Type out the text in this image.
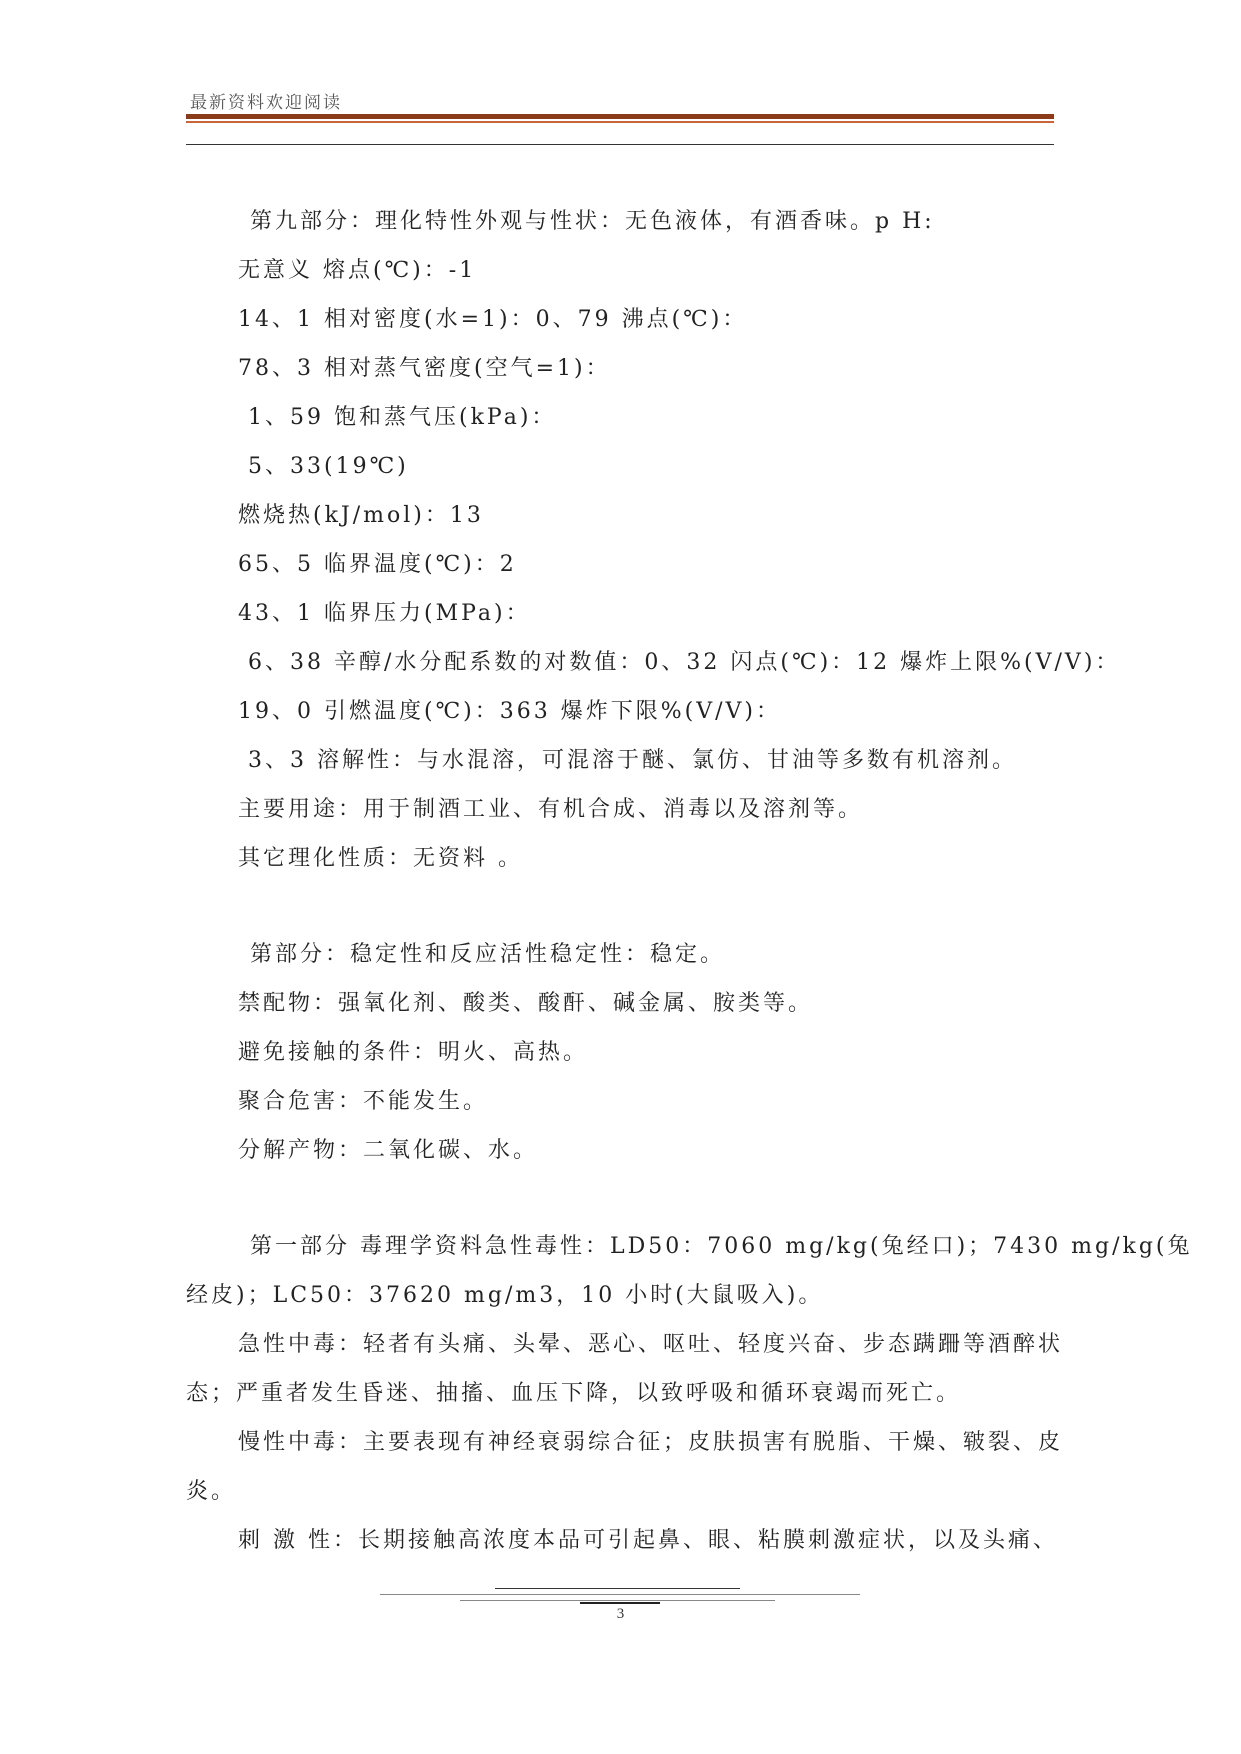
最新资料欢迎阅读
第九部分：理化特性外观与性状：无色液体，有酒香味。p H:
无意义 熔点(℃)：-1
14、1 相对密度(水=1)：0、79 沸点(℃)：
78、3 相对蒸气密度(空气=1)：
1、59 饱和蒸气压(kPa)：
5、33(19℃)
燃烧热(kJ/mol)：13
65、5 临界温度(℃)：2
43、1 临界压力(MPa)：
6、38 辛醇/水分配系数的对数值：0、32 闪点(℃)：12 爆炸上限%(V/V)：
19、0 引燃温度(℃)：363 爆炸下限%(V/V)：
3、3 溶解性：与水混溶，可混溶于醚、氯仿、甘油等多数有机溶剂。
主要用途：用于制酒工业、有机合成、消毒以及溶剂等。
其它理化性质：无资料 。
第部分：稳定性和反应活性稳定性：稳定。
禁配物：强氧化剂、酸类、酸酐、碱金属、胺类等。
避免接触的条件：明火、高热。
聚合危害：不能发生。
分解产物：二氧化碳、水。
第一部分 毒理学资料急性毒性：LD50：7060 mg/kg(兔经口)；7430 mg/kg(兔
经皮)；LC50：37620 mg/m3，10 小时(大鼠吸入)。
急性中毒：轻者有头痛、头晕、恶心、呕吐、轻度兴奋、步态蹒跚等酒醉状
态；严重者发生昏迷、抽搐、血压下降，以致呼吸和循环衰竭而死亡。
慢性中毒：主要表现有神经衰弱综合征；皮肤损害有脱脂、干燥、皲裂、皮
炎。
刺 激 性：长期接触高浓度本品可引起鼻、眼、粘膜刺激症状，以及头痛、
3
